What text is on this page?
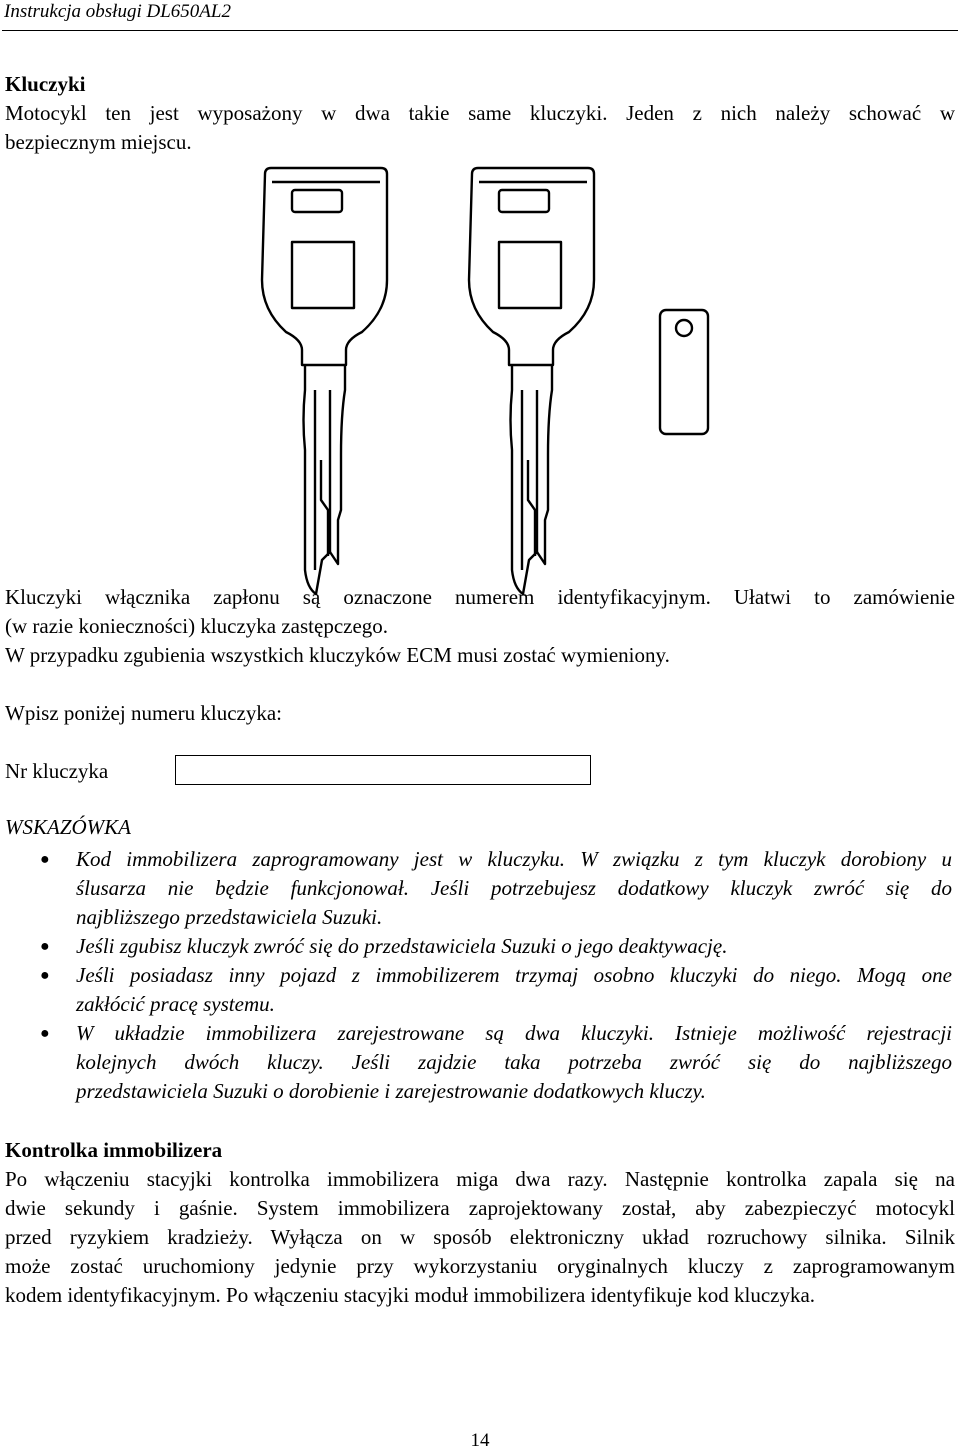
Instrukcja obsługi DL650AL2
Kluczyki
Motocykl ten jest wyposażony w dwa takie same kluczyki. Jeden z nich należy schować w
bezpiecznym miejscu.
Kluczyki włącznika zapłonu są oznaczone numerem identyfikacyjnym. Ułatwi to zamówienie
(w razie konieczności) kluczyka zastępczego.
W przypadku zgubienia wszystkich kluczyków ECM musi zostać wymieniony.
Wpisz poniżej numeru kluczyka:
Nr kluczyka
WSKAZÓWKA
● Kod immobilizera zaprogramowany jest w kluczyku. W związku z tym kluczyk dorobiony u
ślusarza nie będzie funkcjonował. Jeśli potrzebujesz dodatkowy kluczyk zwróć się do
najbliższego przedstawiciela Suzuki.
● Jeśli zgubisz kluczyk zwróć się do przedstawiciela Suzuki o jego deaktywację.
● Jeśli posiadasz inny pojazd z immobilizerem trzymaj osobno kluczyki do niego. Mogą one
zakłócić pracę systemu.
● W układzie immobilizera zarejestrowane są dwa kluczyki. Istnieje możliwość rejestracji
kolejnych dwóch kluczy. Jeśli zajdzie taka potrzeba zwróć się do najbliższego
przedstawiciela Suzuki o dorobienie i zarejestrowanie dodatkowych kluczy.
Kontrolka immobilizera
Po włączeniu stacyjki kontrolka immobilizera miga dwa razy. Następnie kontrolka zapala się na
dwie sekundy i gaśnie. System immobilizera zaprojektowany został, aby zabezpieczyć motocykl
przed ryzykiem kradzieży. Wyłącza on w sposób elektroniczny układ rozruchowy silnika. Silnik
może zostać uruchomiony jedynie przy wykorzystaniu oryginalnych kluczy z zaprogramowanym
kodem identyfikacyjnym. Po włączeniu stacyjki moduł immobilizera identyfikuje kod kluczyka.
14
